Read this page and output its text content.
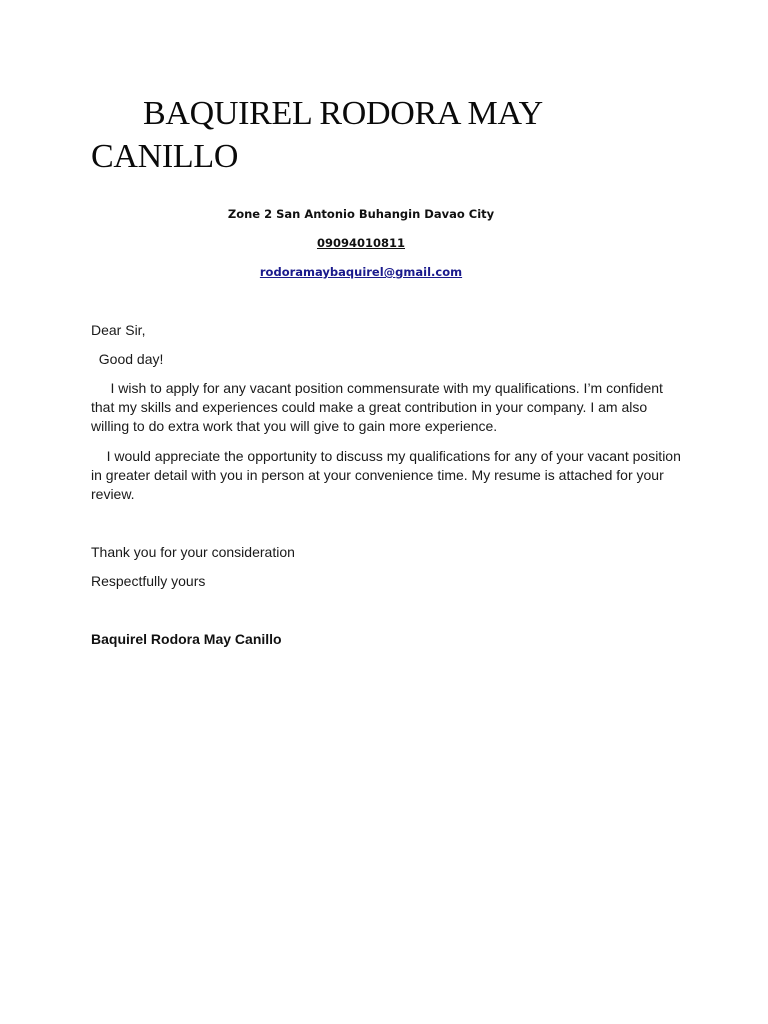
BAQUIREL RODORA MAY
CANILLO

Zone 2 San Antonio Buhangin Davao City

09094010811

rodoramaybaquirel@gmail.com

Dear Sir,

Good day!

I wish to apply for any vacant position commensurate with my qualifications. I’m confident that my skills and experiences could make a great contribution in your company. I am also willing to do extra work that you will give to gain more experience.

I would appreciate the opportunity to discuss my qualifications for any of your vacant position in greater detail with you in person at your convenience time. My resume is attached for your review.

Thank you for your consideration

Respectfully yours

Baquirel Rodora May Canillo
